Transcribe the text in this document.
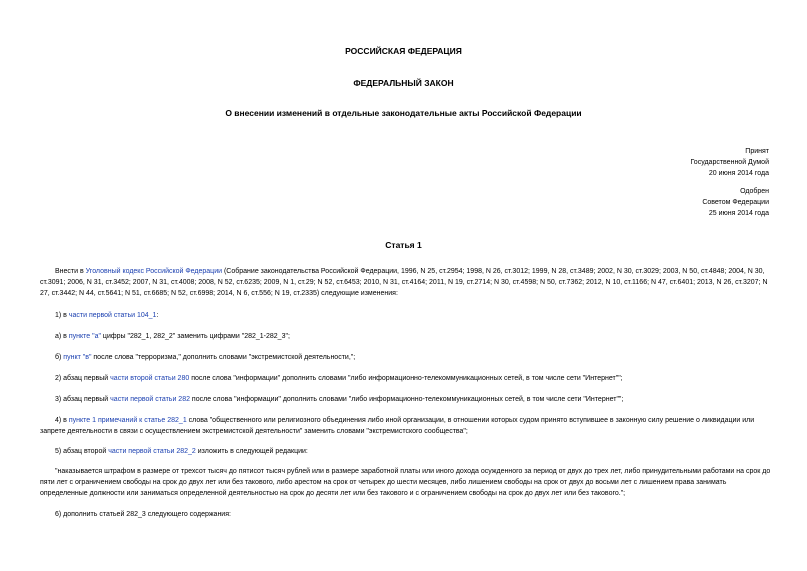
РОССИЙСКАЯ ФЕДЕРАЦИЯ
ФЕДЕРАЛЬНЫЙ ЗАКОН
О внесении изменений в отдельные законодательные акты Российской Федерации
Принят
Государственной Думой
20 июня 2014 года
Одобрен
Советом Федерации
25 июня 2014 года
Статья 1
Внести в Уголовный кодекс Российской Федерации (Собрание законодательства Российской Федерации, 1996, N 25, ст.2954; 1998, N 26, ст.3012; 1999, N 28, ст.3489; 2002, N 30, ст.3029; 2003, N 50, ст.4848; 2004, N 30, ст.3091; 2006, N 31, ст.3452; 2007, N 31, ст.4008; 2008, N 52, ст.6235; 2009, N 1, ст.29; N 52, ст.6453; 2010, N 31, ст.4164; 2011, N 19, ст.2714; N 30, ст.4598; N 50, ст.7362; 2012, N 10, ст.1166; N 47, ст.6401; 2013, N 26, ст.3207; N 27, ст.3442; N 44, ст.5641; N 51, ст.6685; N 52, ст.6998; 2014, N 6, ст.556; N 19, ст.2335) следующие изменения:
1) в части первой статьи 104_1:
а) в пункте "а" цифры "282_1, 282_2" заменить цифрами "282_1-282_3";
б) пункт "в" после слова "терроризма," дополнить словами "экстремистской деятельности,";
2) абзац первый части второй статьи 280 после слова "информации" дополнить словами "либо информационно-телекоммуникационных сетей, в том числе сети "Интернет"";
3) абзац первый части первой статьи 282 после слова "информации" дополнить словами "либо информационно-телекоммуникационных сетей, в том числе сети "Интернет"";
4) в пункте 1 примечаний к статье 282_1 слова "общественного или религиозного объединения либо иной организации, в отношении которых судом принято вступившее в законную силу решение о ликвидации или запрете деятельности в связи с осуществлением экстремистской деятельности" заменить словами "экстремистского сообщества";
5) абзац второй части первой статьи 282_2 изложить в следующей редакции:
"наказывается штрафом в размере от трехсот тысяч до пятисот тысяч рублей или в размере заработной платы или иного дохода осужденного за период от двух до трех лет, либо принудительными работами на срок до пяти лет с ограничением свободы на срок до двух лет или без такового, либо арестом на срок от четырех до шести месяцев, либо лишением свободы на срок от двух до восьми лет с лишением права занимать определенные должности или заниматься определенной деятельностью на срок до десяти лет или без такового и с ограничением свободы на срок до двух лет или без такового.";
6) дополнить статьей 282_3 следующего содержания:
